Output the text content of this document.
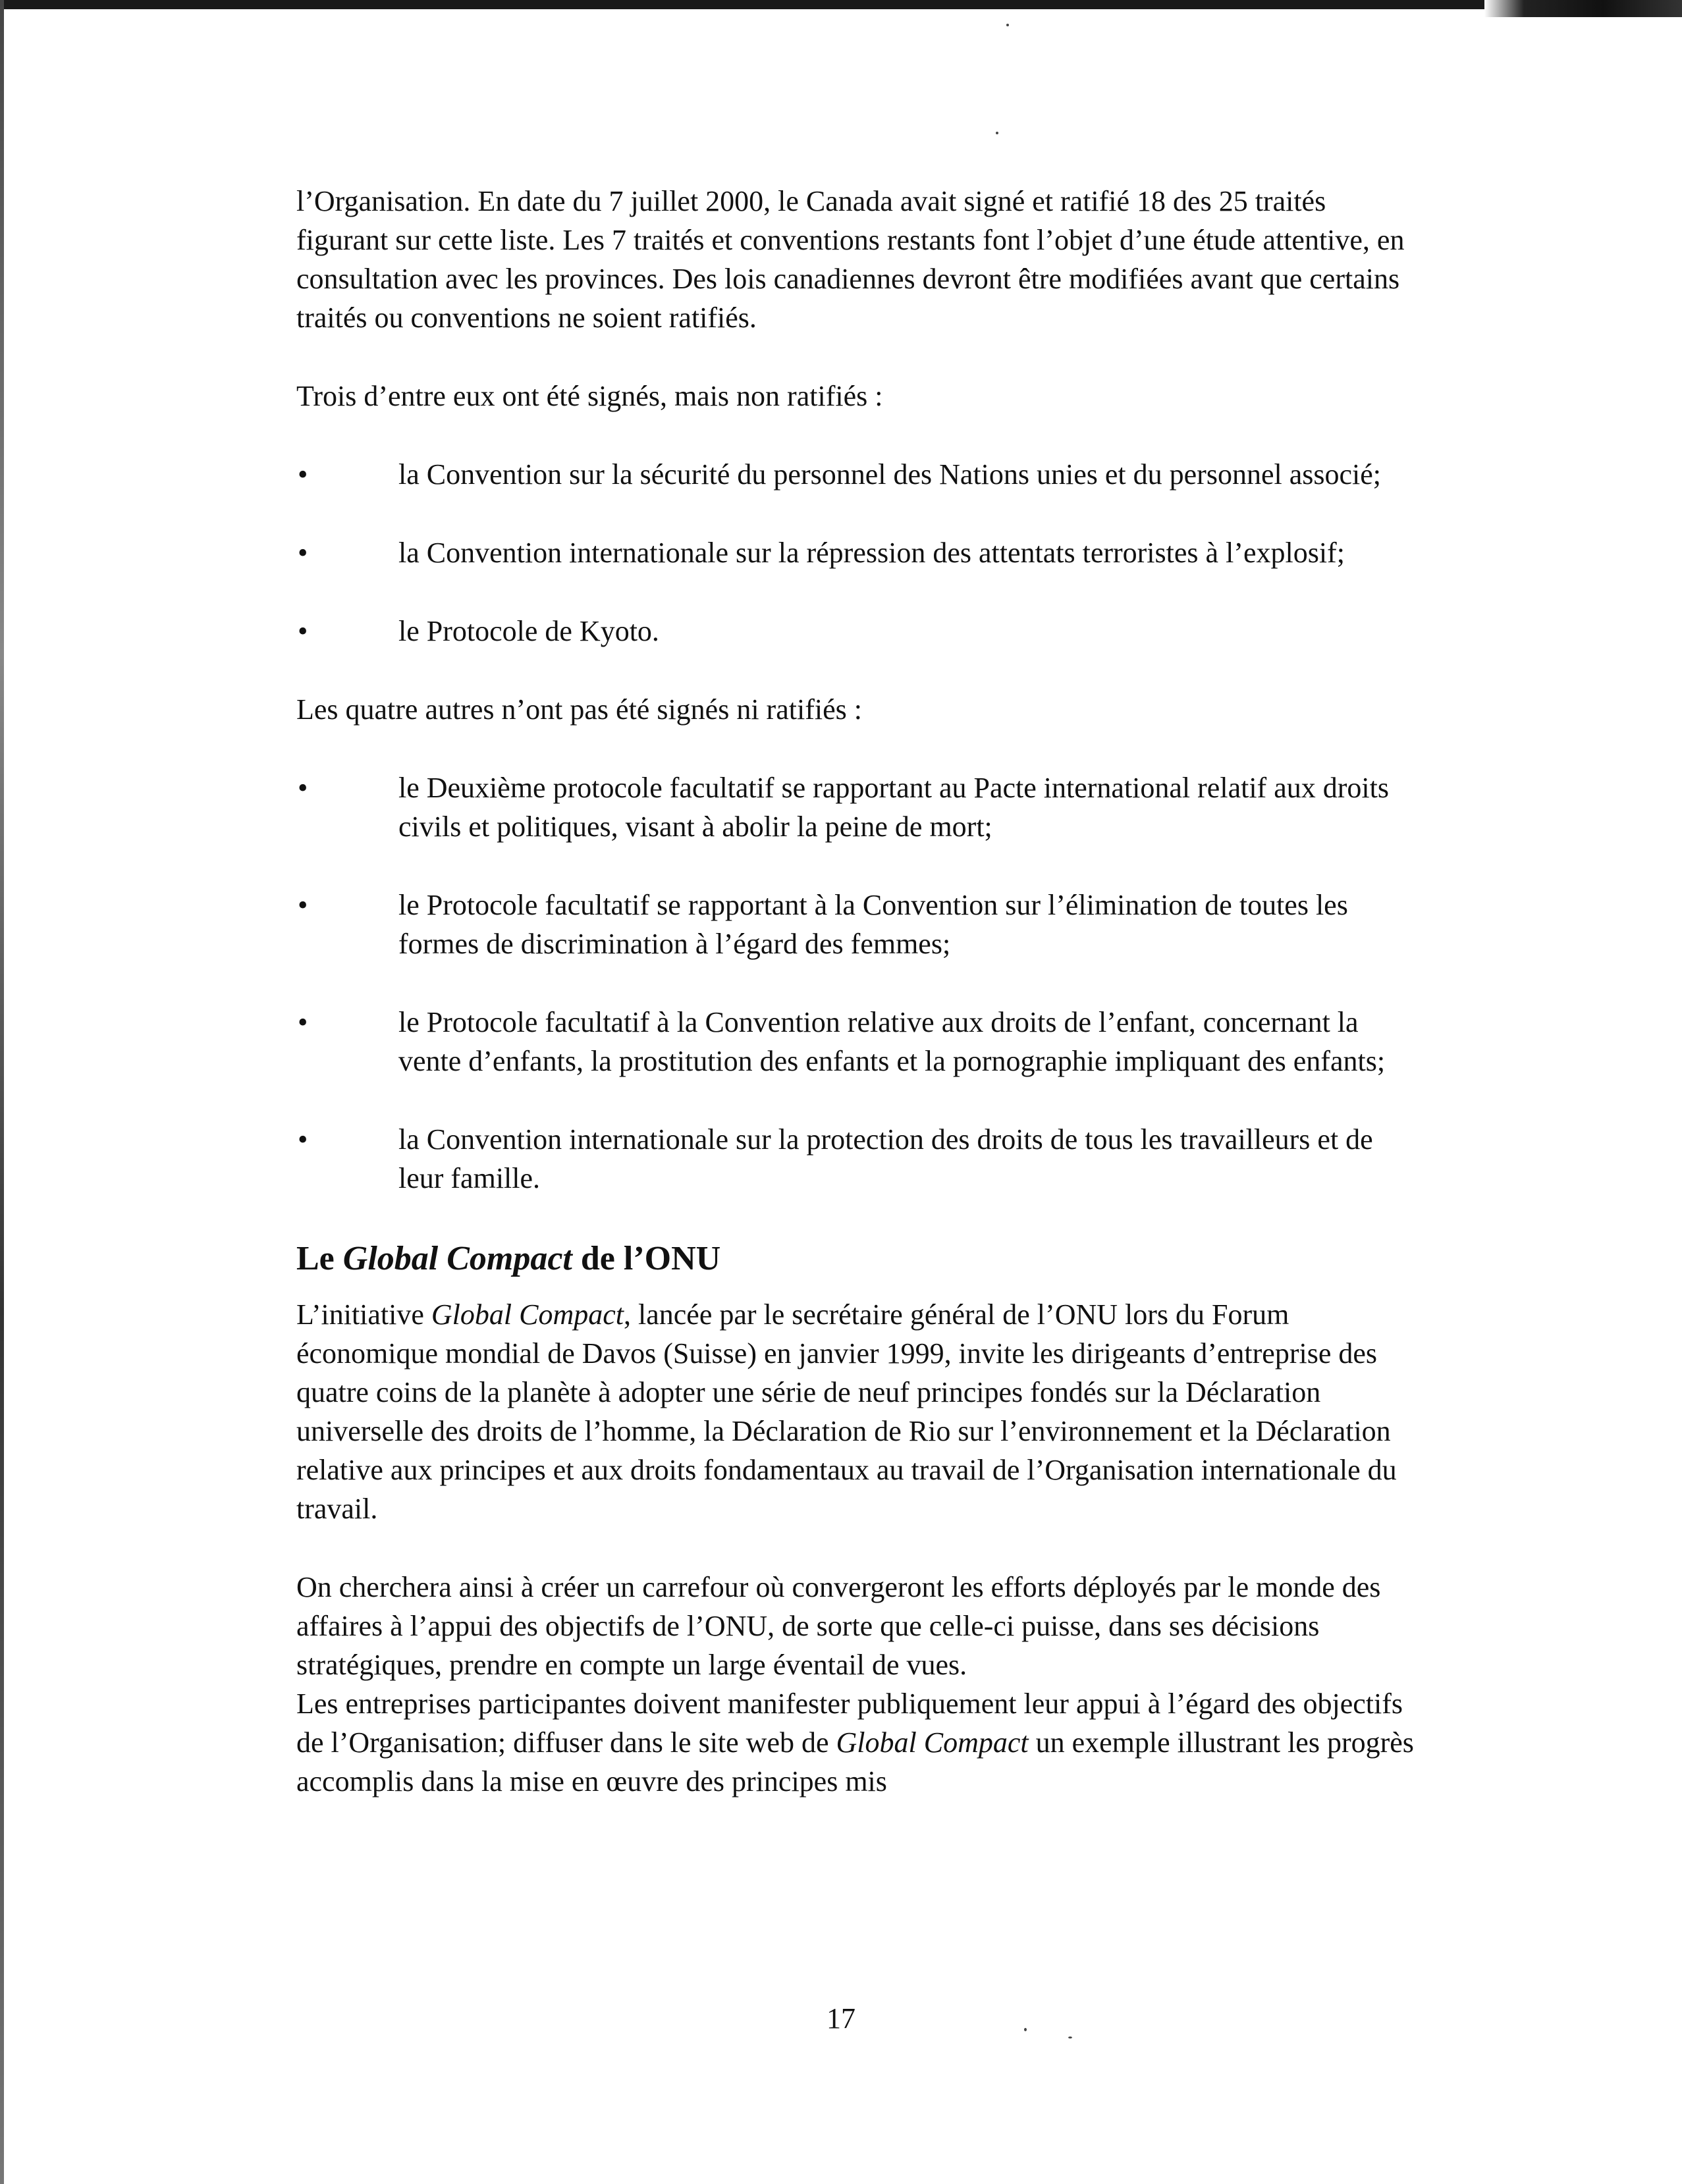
l’Organisation. En date du 7 juillet 2000, le Canada avait signé et ratifié 18 des 25 traités figurant sur cette liste. Les 7 traités et conventions restants font l’objet d’une étude attentive, en consultation avec les provinces. Des lois canadiennes devront être modifiées avant que certains traités ou conventions ne soient ratifiés.

Trois d’entre eux ont été signés, mais non ratifiés :

•	la Convention sur la sécurité du personnel des Nations unies et du personnel associé;
•	la Convention internationale sur la répression des attentats terroristes à l’explosif;
•	le Protocole de Kyoto.

Les quatre autres n’ont pas été signés ni ratifiés :

•	le Deuxième protocole facultatif se rapportant au Pacte international relatif aux droits civils et politiques, visant à abolir la peine de mort;
•	le Protocole facultatif se rapportant à la Convention sur l’élimination de toutes les formes de discrimination à l’égard des femmes;
•	le Protocole facultatif à la Convention relative aux droits de l’enfant, concernant la vente d’enfants, la prostitution des enfants et la pornographie impliquant des enfants;
•	la Convention internationale sur la protection des droits de tous les travailleurs et de leur famille.
Le Global Compact de l’ONU

L’initiative Global Compact, lancée par le secrétaire général de l’ONU lors du Forum économique mondial de Davos (Suisse) en janvier 1999, invite les dirigeants d’entreprise des quatre coins de la planète à adopter une série de neuf principes fondés sur la Déclaration universelle des droits de l’homme, la Déclaration de Rio sur l’environnement et la Déclaration relative aux principes et aux droits fondamentaux au travail de l’Organisation internationale du travail.

On cherchera ainsi à créer un carrefour où convergeront les efforts déployés par le monde des affaires à l’appui des objectifs de l’ONU, de sorte que celle-ci puisse, dans ses décisions stratégiques, prendre en compte un large éventail de vues.
Les entreprises participantes doivent manifester publiquement leur appui à l’égard des objectifs de l’Organisation; diffuser dans le site web de Global Compact un exemple illustrant les progrès accomplis dans la mise en œuvre des principes mis

17
